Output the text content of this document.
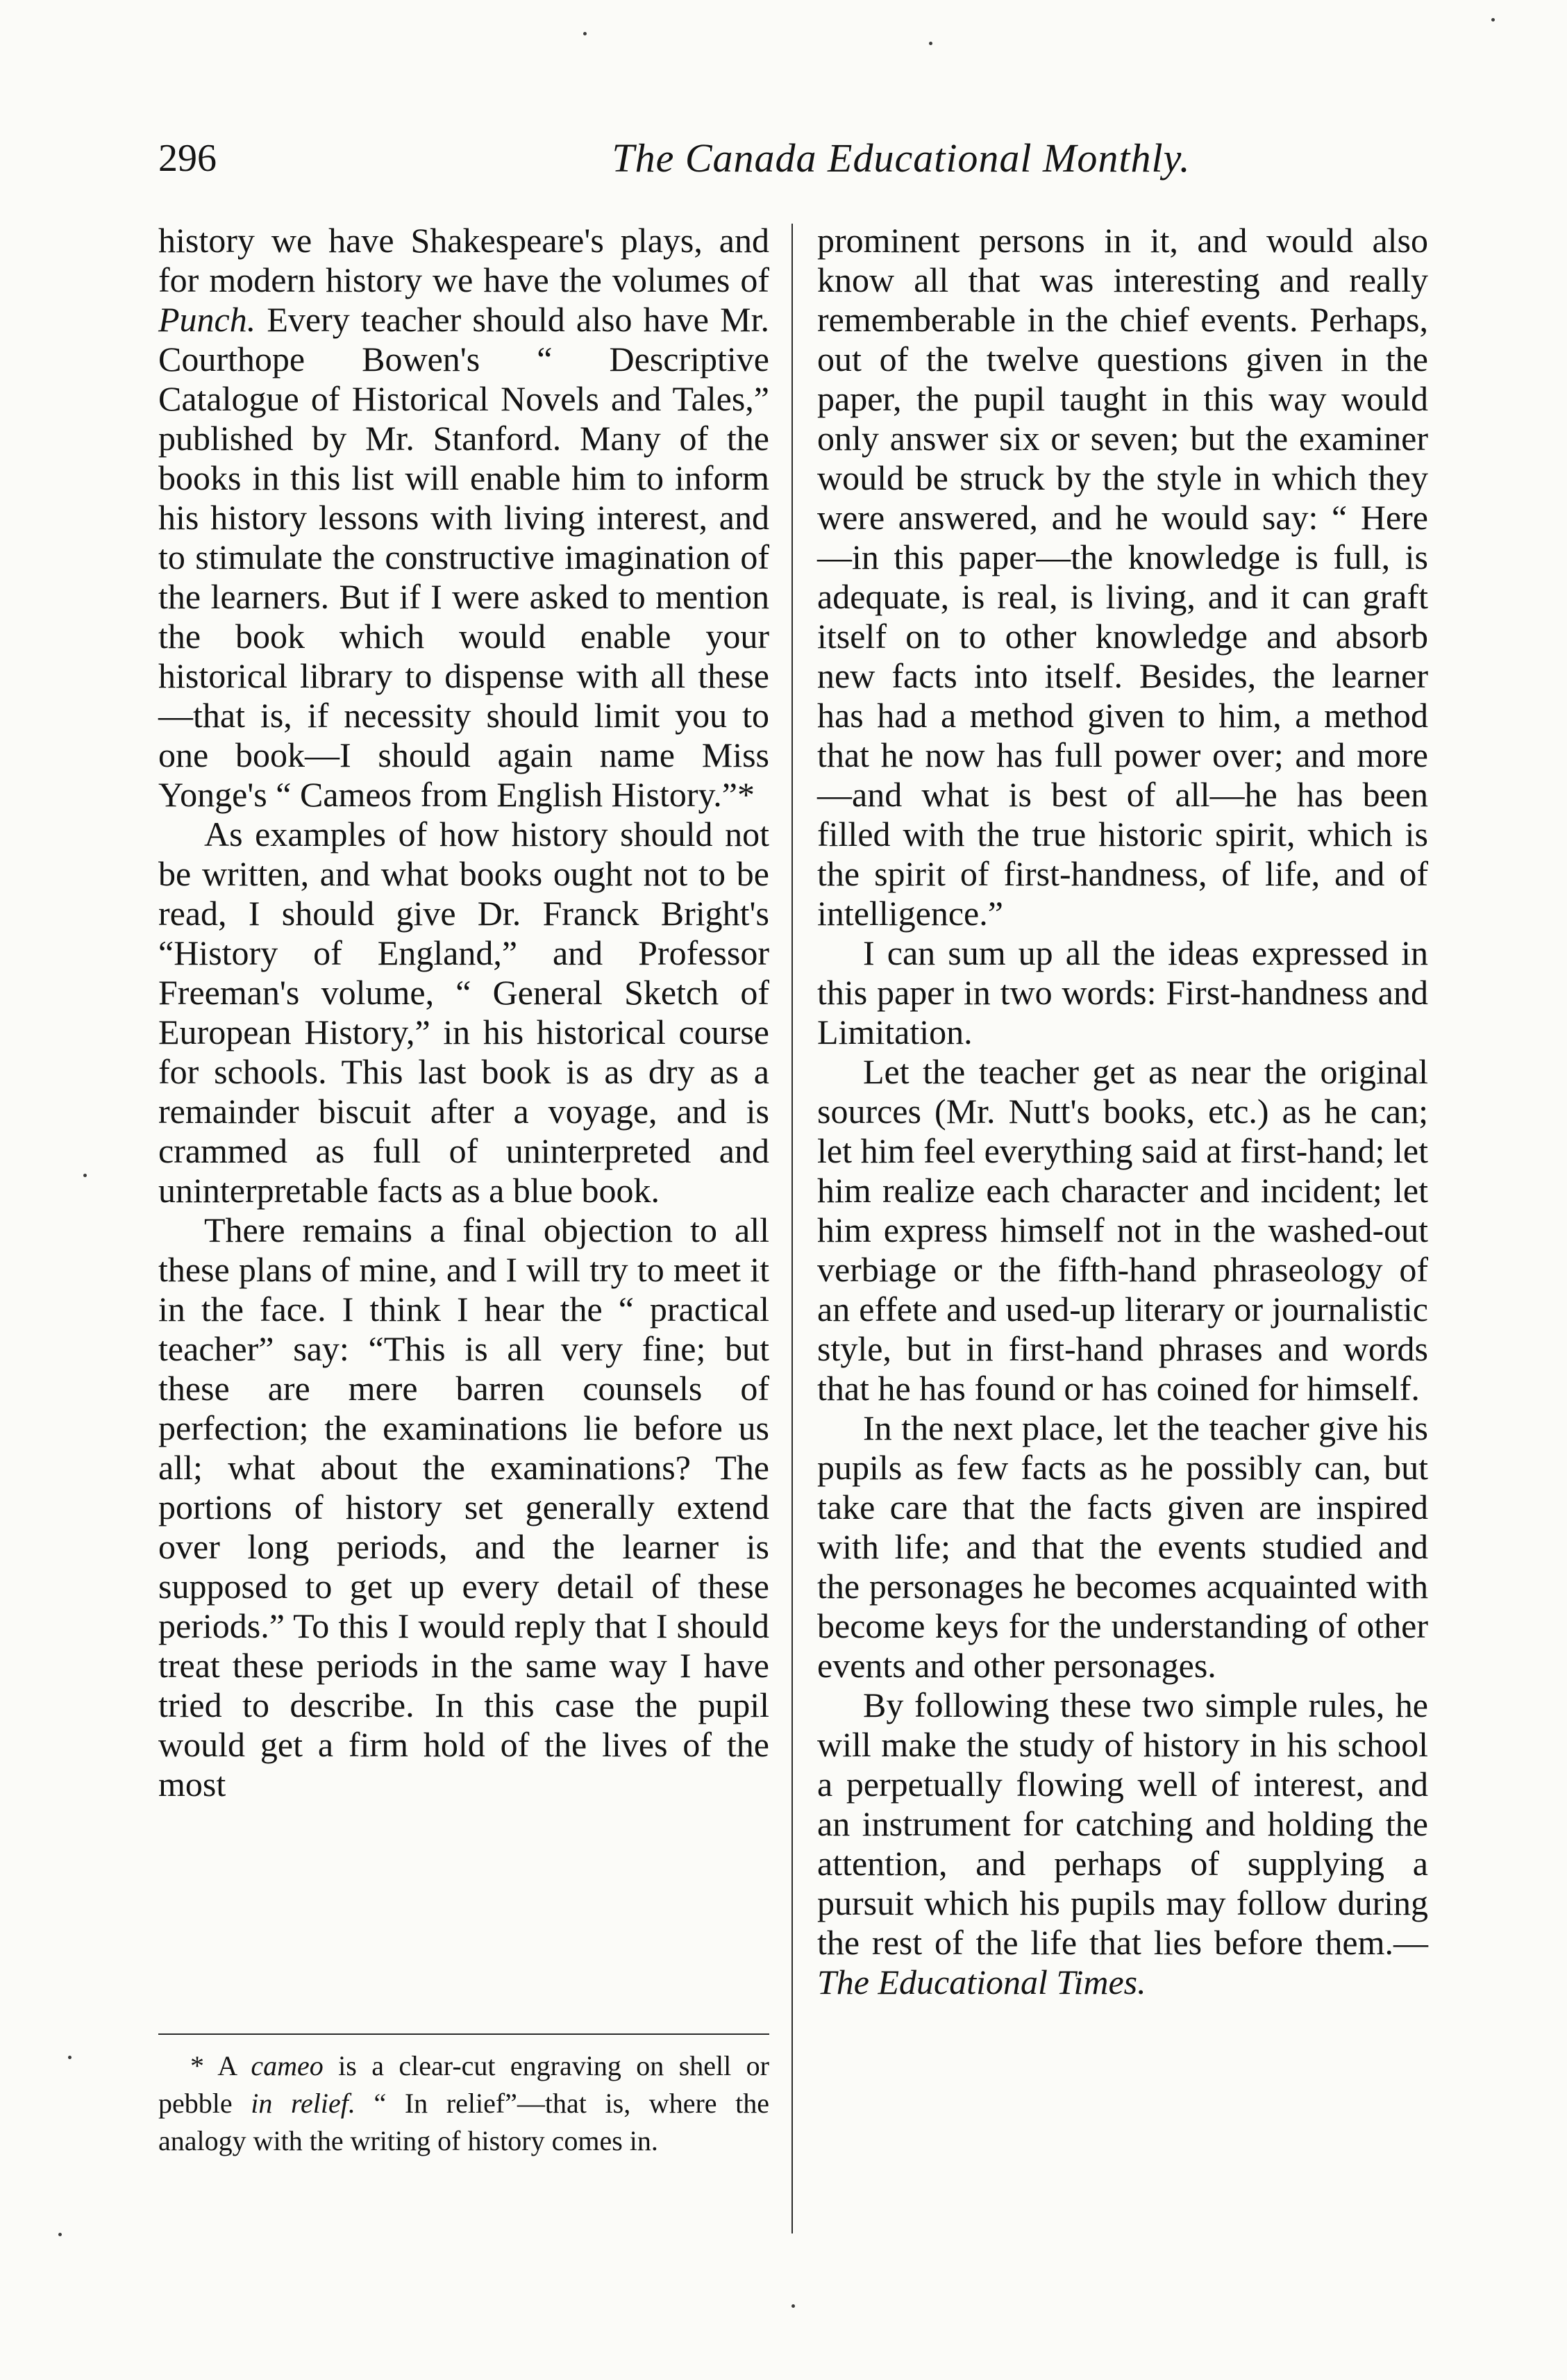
296	The Canada Educational Monthly.

history we have Shakespeare's plays, and for modern history we have the volumes of Punch. Every teacher should also have Mr. Courthope Bowen's “ Descriptive Catalogue of Historical Novels and Tales,” published by Mr. Stanford. Many of the books in this list will enable him to inform his history lessons with living interest, and to stimulate the constructive imagination of the learners. But if I were asked to mention the book which would enable your historical library to dispense with all these—that is, if necessity should limit you to one book—I should again name Miss Yonge's “ Cameos from English History.”*

As examples of how history should not be written, and what books ought not to be read, I should give Dr. Franck Bright's “History of England,” and Professor Freeman's volume, “ General Sketch of European History,” in his historical course for schools. This last book is as dry as a remainder biscuit after a voyage, and is crammed as full of uninterpreted and uninterpretable facts as a blue book.

There remains a final objection to all these plans of mine, and I will try to meet it in the face. I think I hear the “ practical teacher” say: “This is all very fine; but these are mere barren counsels of perfection; the examinations lie before us all; what about the examinations? The portions of history set generally extend over long periods, and the learner is supposed to get up every detail of these periods.” To this I would reply that I should treat these periods in the same way I have tried to describe. In this case the pupil would get a firm hold of the lives of the most

* A cameo is a clear-cut engraving on shell or pebble in relief. “ In relief”—that is, where the analogy with the writing of history comes in.

prominent persons in it, and would also know all that was interesting and really rememberable in the chief events. Perhaps, out of the twelve questions given in the paper, the pupil taught in this way would only answer six or seven; but the examiner would be struck by the style in which they were answered, and he would say: “ Here—in this paper—the knowledge is full, is adequate, is real, is living, and it can graft itself on to other knowledge and absorb new facts into itself. Besides, the learner has had a method given to him, a method that he now has full power over; and more—and what is best of all—he has been filled with the true historic spirit, which is the spirit of first-handness, of life, and of intelligence.”

I can sum up all the ideas expressed in this paper in two words: First-handness and Limitation.

Let the teacher get as near the original sources (Mr. Nutt's books, etc.) as he can; let him feel everything said at first-hand; let him realize each character and incident; let him express himself not in the washed-out verbiage or the fifth-hand phraseology of an effete and used-up literary or journalistic style, but in first-hand phrases and words that he has found or has coined for himself.

In the next place, let the teacher give his pupils as few facts as he possibly can, but take care that the facts given are inspired with life; and that the events studied and the personages he becomes acquainted with become keys for the understanding of other events and other personages.

By following these two simple rules, he will make the study of history in his school a perpetually flowing well of interest, and an instrument for catching and holding the attention, and perhaps of supplying a pursuit which his pupils may follow during the rest of the life that lies before them.—The Educational Times.
